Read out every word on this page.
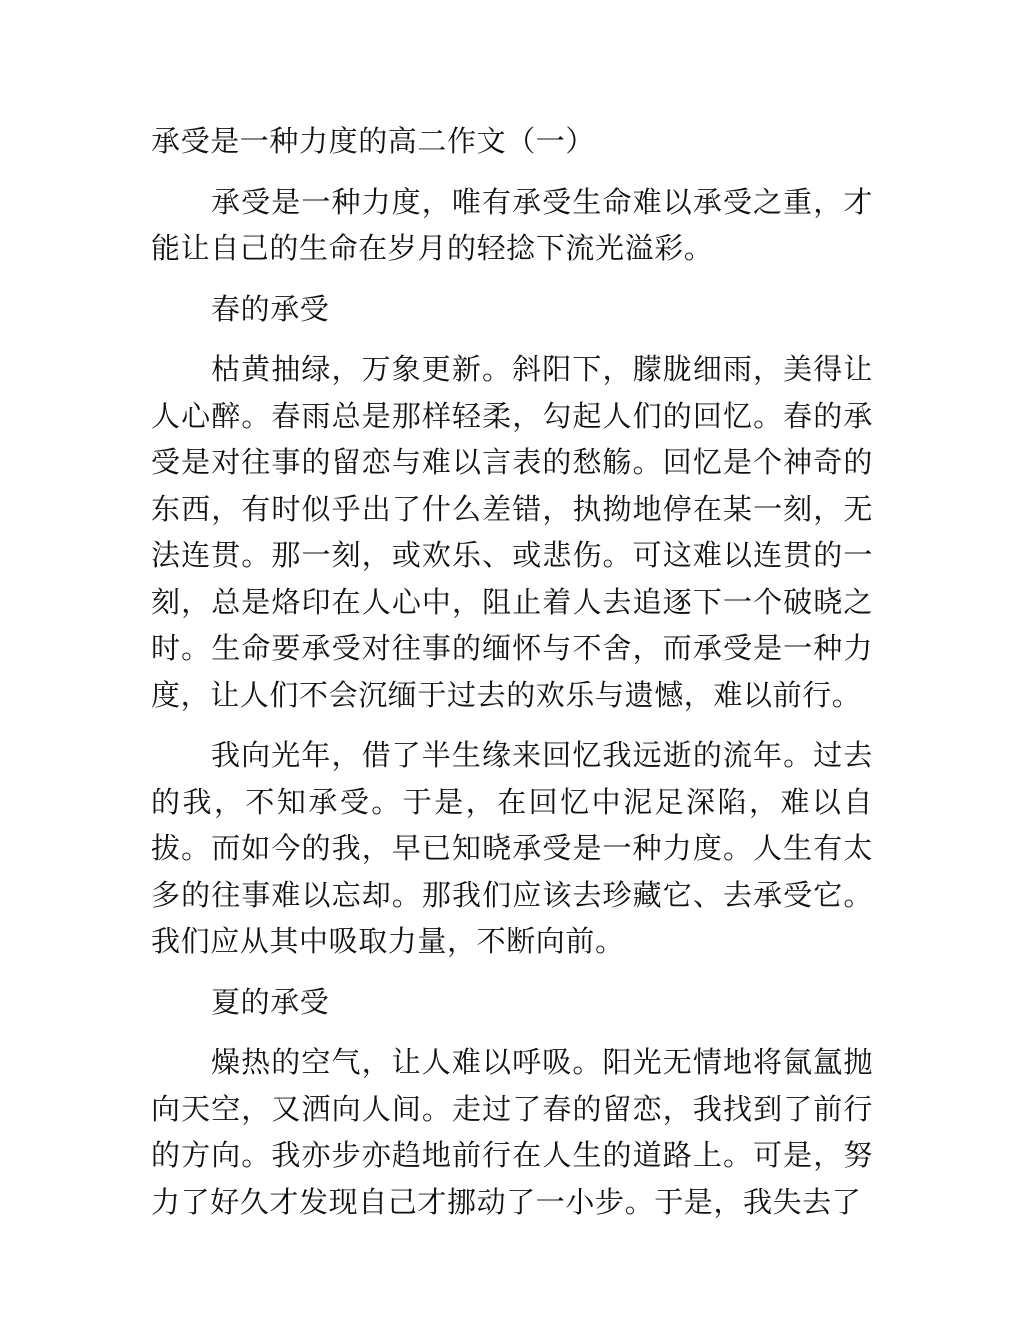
承受是一种力度的高二作文（一）

承受是一种力度，唯有承受生命难以承受之重，才能让自己的生命在岁月的轻捻下流光溢彩。

春的承受

枯黄抽绿，万象更新。斜阳下，朦胧细雨，美得让人心醉。春雨总是那样轻柔，勾起人们的回忆。春的承受是对往事的留恋与难以言表的愁觞。回忆是个神奇的东西，有时似乎出了什么差错，执拗地停在某一刻，无法连贯。那一刻，或欢乐、或悲伤。可这难以连贯的一刻，总是烙印在人心中，阻止着人去追逐下一个破晓之时。生命要承受对往事的缅怀与不舍，而承受是一种力度，让人们不会沉缅于过去的欢乐与遗憾，难以前行。

我向光年，借了半生缘来回忆我远逝的流年。过去的我，不知承受。于是，在回忆中泥足深陷，难以自拔。而如今的我，早已知晓承受是一种力度。人生有太多的往事难以忘却。那我们应该去珍藏它、去承受它。我们应从其中吸取力量，不断向前。

夏的承受

燥热的空气，让人难以呼吸。阳光无情地将氤氲抛向天空，又洒向人间。走过了春的留恋，我找到了前行的方向。我亦步亦趋地前行在人生的道路上。可是，努力了好久才发现自己才挪动了一小步。于是，我失去了
